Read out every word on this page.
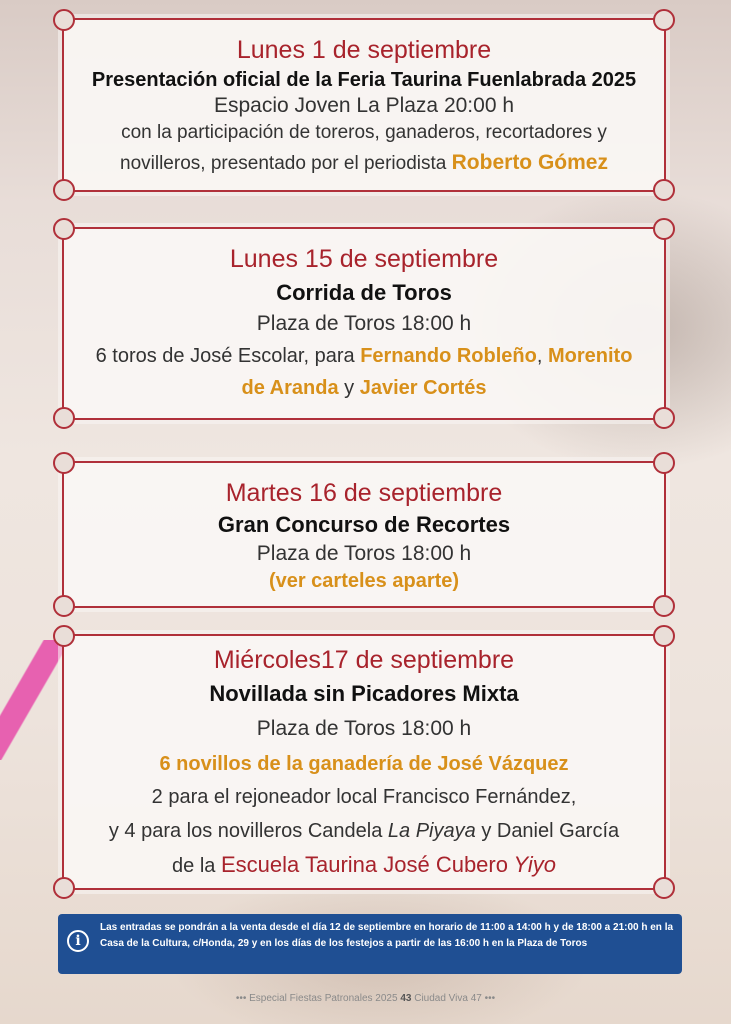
Lunes 1 de septiembre
Presentación oficial de la Feria Taurina Fuenlabrada 2025
Espacio Joven La Plaza 20:00 h
con la participación de toreros, ganaderos, recortadores y
novilleros, presentado por el periodista Roberto Gómez
Lunes 15 de septiembre
Corrida de Toros
Plaza de Toros 18:00 h
6 toros de José Escolar, para Fernando Robleño, Morenito
de Aranda y Javier Cortés
Martes 16 de septiembre
Gran Concurso de Recortes
Plaza de Toros 18:00 h
(ver carteles aparte)
Miércoles17 de septiembre
Novillada sin Picadores Mixta
Plaza de Toros 18:00 h
6 novillos de la ganadería de José Vázquez
2 para el rejoneador local Francisco Fernández,
y 4 para los novilleros Candela La Piyaya y Daniel García
de la Escuela Taurina José Cubero Yiyo
i
Las entradas se pondrán a la venta desde el día 12 de septiembre en horario de 11:00 a 14:00 h y de 18:00 a 21:00 h en la Casa de la Cultura, c/Honda, 29 y en los días de los festejos a partir de las 16:00 h en la Plaza de Toros
••• Especial Fiestas Patronales 2025 43 Ciudad Viva 47 •••
